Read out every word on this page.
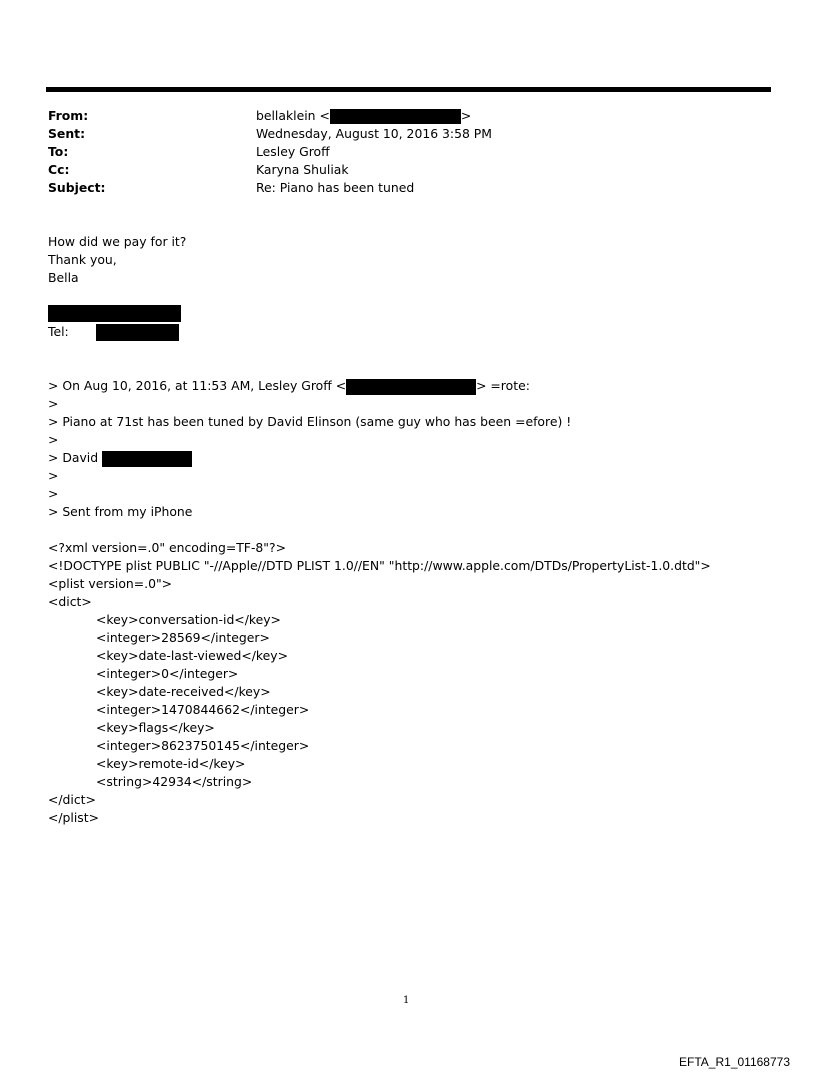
From:	bellaklein <	>
Sent:	Wednesday, August 10, 2016 3:58 PM
To:	Lesley Groff
Cc:	Karyna Shuliak
Subject:	Re: Piano has been tuned
How did we pay for it?
Thank you,
Bella
Tel:
> On Aug 10, 2016, at 11:53 AM, Lesley Groff <	> =rote:
>
> Piano at 71st has been tuned by David Elinson (same guy who has been =efore) !
>
> David
>
>
> Sent from my iPhone
<?xml version=.0" encoding=TF-8"?>
<!DOCTYPE plist PUBLIC "-//Apple//DTD PLIST 1.0//EN" "http://www.apple.com/DTDs/PropertyList-1.0.dtd">
<plist version=.0">
<dict>
<key>conversation-id</key>
<integer>28569</integer>
<key>date-last-viewed</key>
<integer>0</integer>
<key>date-received</key>
<integer>1470844662</integer>
<key>flags</key>
<integer>8623750145</integer>
<key>remote-id</key>
<string>42934</string>
</dict>
</plist>
1
EFTA_R1_01168773
